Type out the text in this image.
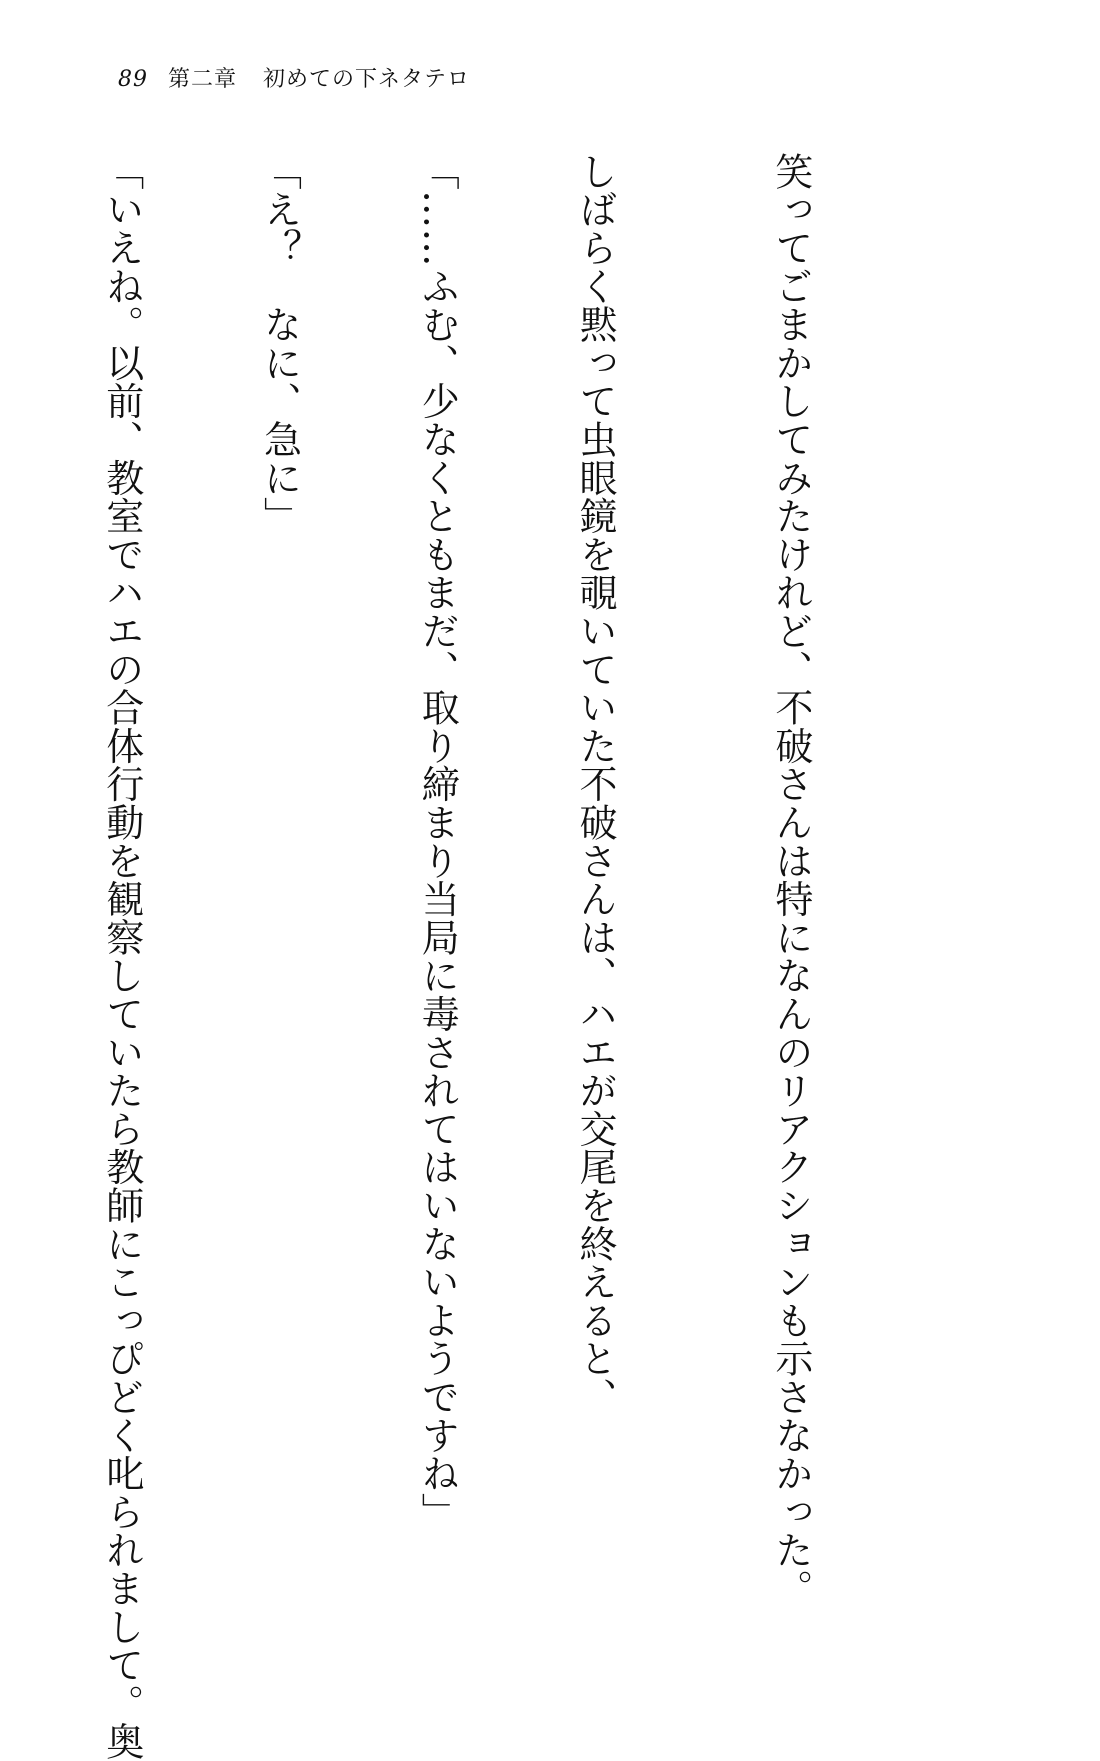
89 第二章 初めての下ネタテロ

笑ってごまかしてみたけれど、不破さんは特になんのリアクションも示さなかった。

しばらく黙って虫眼鏡を覗いていた不破さんは、ハエが交尾を終えると、

「……ふむ、少なくともまだ、取り締まり当局に毒されてはいないようですね」

「え？　なに、急に」

「いえね。以前、教室でハエの合体行動を観察していたら教師にこっぴどく叱られまして。奥
